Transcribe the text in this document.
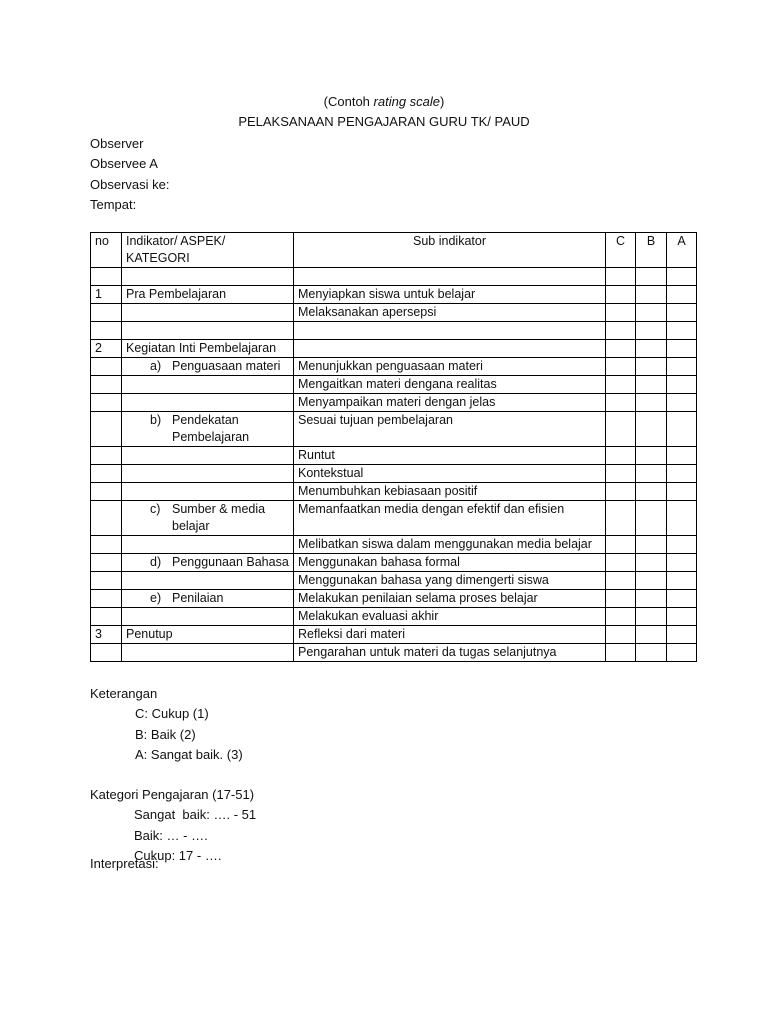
(Contoh rating scale)
PELAKSANAAN PENGAJARAN GURU TK/ PAUD
Observer
Observee A
Observasi ke:
Tempat:
no	Indikator/ ASPEK/ KATEGORI	Sub indikator	C	B	A

1	Pra Pembelajaran	Menyiapkan siswa untuk belajar			
		Melaksanakan apersepsi			

2	Kegiatan Inti Pembelajaran				

	a) Penguasaan materi	Menunjukkan penguasaan materi			
		Mengaitkan materi dengana realitas			
		Menyampaikan materi dengan jelas			

	b) Pendekatan Pembelajaran	Sesuai tujuan pembelajaran			
		Runtut			
		Kontekstual			
		Menumbuhkan kebiasaan positif			

	c) Sumber & media belajar	Memanfaatkan media dengan efektif dan efisien			
		Melibatkan siswa dalam menggunakan media belajar			

	d) Penggunaan Bahasa	Menggunakan bahasa formal			
		Menggunakan bahasa yang dimengerti siswa			

	e) Penilaian	Melakukan penilaian selama proses belajar			
		Melakukan evaluasi akhir			
3	Penutup	Refleksi dari materi			
		Pengarahan untuk materi da tugas selanjutnya			
Keterangan
C: Cukup (1)
B: Baik (2)
A: Sangat baik. (3)
Kategori Pengajaran (17-51)
Sangat  baik: …. - 51
Baik: … - ….
Cukup: 17 - ….
Interpretasi:
